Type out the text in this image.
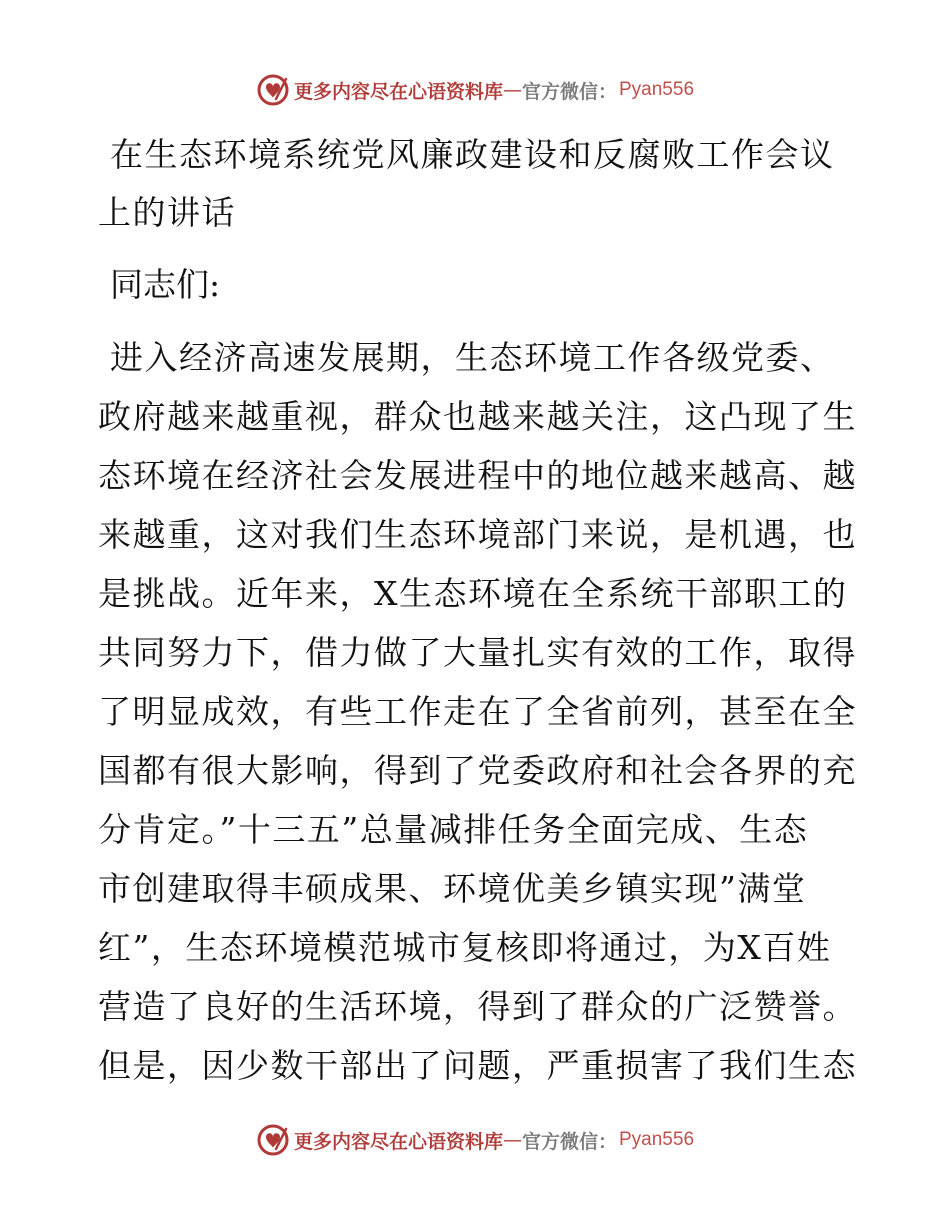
更多内容尽在心语资料库 — 官方微信： Pyan556
在生态环境系统党风廉政建设和反腐败工作会议
上的讲话

同志们:

进入经济高速发展期，生态环境工作各级党委、
政府越来越重视，群众也越来越关注，这凸现了生
态环境在经济社会发展进程中的地位越来越高、越
来越重，这对我们生态环境部门来说，是机遇，也
是挑战。近年来，X生态环境在全系统干部职工的
共同努力下，借力做了大量扎实有效的工作，取得
了明显成效，有些工作走在了全省前列，甚至在全
国都有很大影响，得到了党委政府和社会各界的充
分肯定。”十三五”总量减排任务全面完成、生态
市创建取得丰硕成果、环境优美乡镇实现”满堂
红”，生态环境模范城市复核即将通过，为X百姓
营造了良好的生活环境，得到了群众的广泛赞誉。
但是，因少数干部出了问题，严重损害了我们生态

更多内容尽在心语资料库 — 官方微信： Pyan556
